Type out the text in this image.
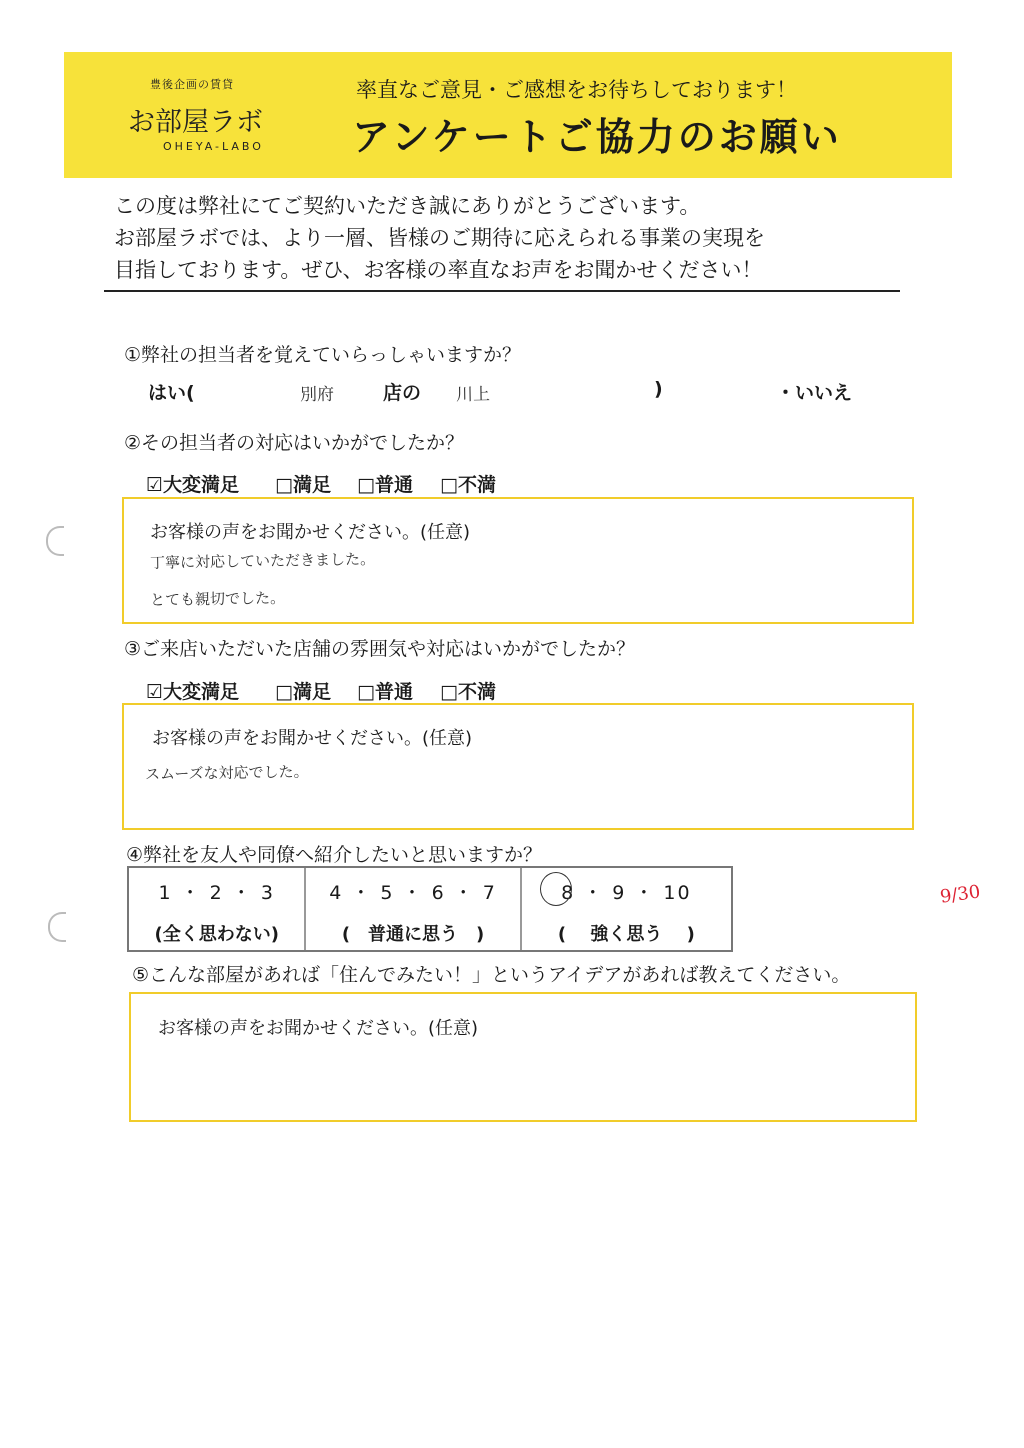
豊後企画の賃貸
お部屋ラボ
OHEYA-LABO
率直なご意見・ご感想をお待ちしております！
アンケートご協力のお願い
この度は弊社にてご契約いただき誠にありがとうございます。
お部屋ラボでは、より一層、皆様のご期待に応えられる事業の実現を
目指しております。ぜひ、お客様の率直なお声をお聞かせください！
①弊社の担当者を覚えていらっしゃいますか？
はい(	別府	店の 川上	)	・いいえ
②その担当者の対応はいかがでしたか？
☑大変満足 □満足 □普通 □不満
お客様の声をお聞かせください。(任意)
丁寧に対応していただきました。
とても親切でした。
③ご来店いただいた店舗の雰囲気や対応はいかがでしたか？
☑大変満足 □満足 □普通 □不満
お客様の声をお聞かせください。(任意)
スムーズな対応でした。
④弊社を友人や同僚へ紹介したいと思いますか？
1 ・ 2 ・ 3
(全く思わない)
4 ・ 5 ・ 6 ・ 7
(　普通に思う　)
8 ・ 9 ・ 10
(　 強く思う 　)
⑤こんな部屋があれば「住んでみたい！」というアイデアがあれば教えてください。
お客様の声をお聞かせください。(任意)
9/30
